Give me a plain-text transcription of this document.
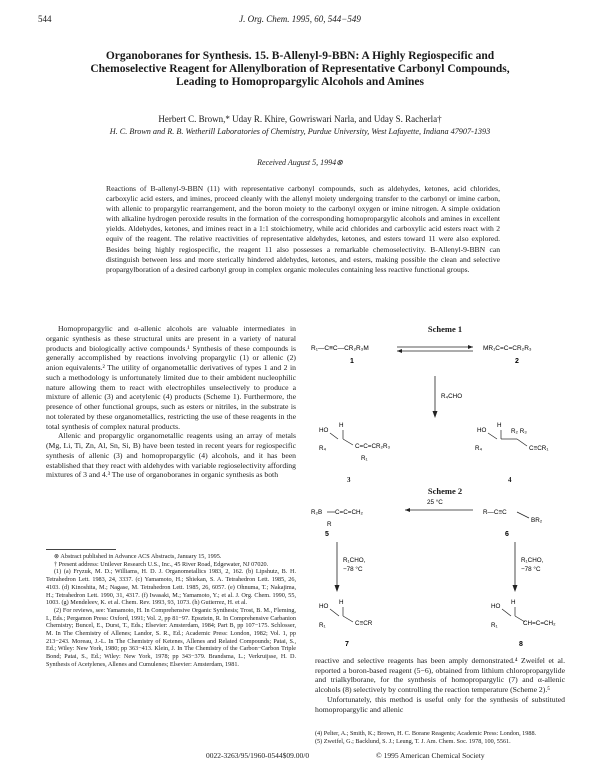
544	J. Org. Chem. 1995, 60, 544−549
Organoboranes for Synthesis. 15. B-Allenyl-9-BBN: A Highly Regiospecific and Chemoselective Reagent for Allenylboration of Representative Carbonyl Compounds, Leading to Homopropargylic Alcohols and Amines
Herbert C. Brown,* Uday R. Khire, Gowriswari Narla, and Uday S. Racherla†
H. C. Brown and R. B. Wetherill Laboratories of Chemistry, Purdue University, West Lafayette, Indiana 47907-1393
Received August 5, 1994⊗
Reactions of B-allenyl-9-BBN (11) with representative carbonyl compounds, such as aldehydes, ketones, acid chlorides, carboxylic acid esters, and imines, proceed cleanly with the allenyl moiety undergoing transfer to the carbonyl or imine carbon, with allenic to propargylic rearrangement, and the boron moiety to the carbonyl oxygen or imine nitrogen. A simple oxidation with alkaline hydrogen peroxide results in the formation of the corresponding homopropargylic alcohols and amines in excellent yields. Aldehydes, ketones, and imines react in a 1:1 stoichiometry, while acid chlorides and carboxylic acid esters react with 2 equiv of the reagent. The relative reactivities of representative aldehydes, ketones, and esters toward 11 were also explored. Besides being highly regiospecific, the reagent 11 also possesses a remarkable chemoselectivity. B-Allenyl-9-BBN can distinguish between less and more sterically hindered aldehydes, ketones, and esters, making possible the clean and selective propargylboration of a desired carbonyl group in complex organic molecules containing less reactive functional groups.

Homopropargylic and α-allenic alcohols are valuable intermediates in organic synthesis as these structural units are present in a variety of natural products and biologically active compounds.¹ Synthesis of these compounds is generally accomplished by reactions involving propargylic (1) or allenic (2) anion equivalents.² The utility of organometallic derivatives of types 1 and 2 in such a methodology is unfortunately limited due to their ambident nucleophilic nature allowing them to react with electrophiles unselectively to produce a mixture of allenic (3) and acetylenic (4) products (Scheme 1). Furthermore, the presence of other functional groups, such as esters or nitriles, in the substrate is not tolerated by these organometallics, restricting the use of these reagents in the total synthesis of complex natural products.

Allenic and propargylic organometallic reagents using an array of metals (Mg, Li, Ti, Zn, Al, Sn, Si, B) have been tested in recent years for regiospecific synthesis of allenic (3) and homopropargylic (4) alcohols, and it has been established that they react with aldehydes with variable regioselectivity affording mixtures of 3 and 4.³ The use of organoboranes in organic synthesis as both

⊗ Abstract published in Advance ACS Abstracts, January 15, 1995.

† Present address: Unilever Research U.S., Inc., 45 River Road, Edgewater, NJ 07020.

(1) (a) Fryzuk, M. D.; Williams, H. D. J. Organometallics 1983, 2, 162. (b) Lipshutz, B. H. Tetrahedron Lett. 1983, 24, 3337. (c) Yamamoto, H.; Shiekan, S. A. Tetrahedron Lett. 1985, 26, 4103. (d) Kinoshita, M.; Nagase, M. Tetrahedron Lett. 1985, 26, 6057. (e) Ohnuma, T.; Nakajima, H.; Tetrahedron Lett. 1990, 31, 4317. (f) Iwasaki, M.; Yamamoto, Y.; et al. J. Org. Chem. 1990, 55, 1003. (g) Mendeleev, K. et al. Chem. Rev. 1993, 93, 1073. (h) Gutierrez, H. et al.

(2) For reviews, see: Yamamoto, H. In Comprehensive Organic Synthesis; Trost, B. M., Fleming, I., Eds.; Pergamon Press: Oxford, 1991; Vol. 2, pp 81−97. Epsztein, R. In Comprehensive Carbanion Chemistry; Buncel, E., Durst, T., Eds.; Elsevier: Amsterdam, 1984; Part B, pp 107−175. Schlosser, M. In The Chemistry of Allenes; Landor, S. R., Ed.; Academic Press: London, 1982; Vol. 1, pp 213−243. Moreau, J.-L. In The Chemistry of Ketenes, Allenes and Related Compounds; Patai, S., Ed.; Wiley: New York, 1980; pp 363−413. Klein, J. In The Chemistry of the Carbon−Carbon Triple Bond; Patai, S., Ed.; Wiley: New York, 1978; pp 343−379. Brandsma, L.; Verkruijsse, H. D. Synthesis of Acetylenes, Allenes and Cumulenes; Elsevier: Amsterdam, 1981.

Scheme 1
R₁—C≡C—CR₂R₃M	MR₁C=C=CR₂R₃
1	2
R₄CHO
HO
H
C=C=CR₂R₃
R₄
R₁
HO
H
R₂ R₃
C≡CR₁
R₄
3	4
Scheme 2
R₂B C=C=CH₂
R
5
25 °C
R—C≡C
BR₂
6
R₁CHO,
−78 °C
R₁CHO,
−78 °C
HO
H
C≡CR
R₁
HO
H
CH=C=CH₂
R₁
7	8

reactive and selective reagents has been amply demonstrated.⁴ Zweifel et al. reported a boron-based reagent (5−6), obtained from lithium chloropropargylide and trialkylborane, for the synthesis of homopropargylic (7) and α-allenic alcohols (8) selectively by controlling the reaction temperature (Scheme 2).⁵

Unfortunately, this method is useful only for the synthesis of substituted homopropargylic and allenic

(4) Pelter, A.; Smith, K.; Brown, H. C. Borane Reagents; Academic Press: London, 1988.

(5) Zweifel, G.; Backlund, S. J.; Leung, T. J. Am. Chem. Soc. 1978, 100, 5561.

0022-3263/95/1960-0544$09.00/0	© 1995 American Chemical Society
